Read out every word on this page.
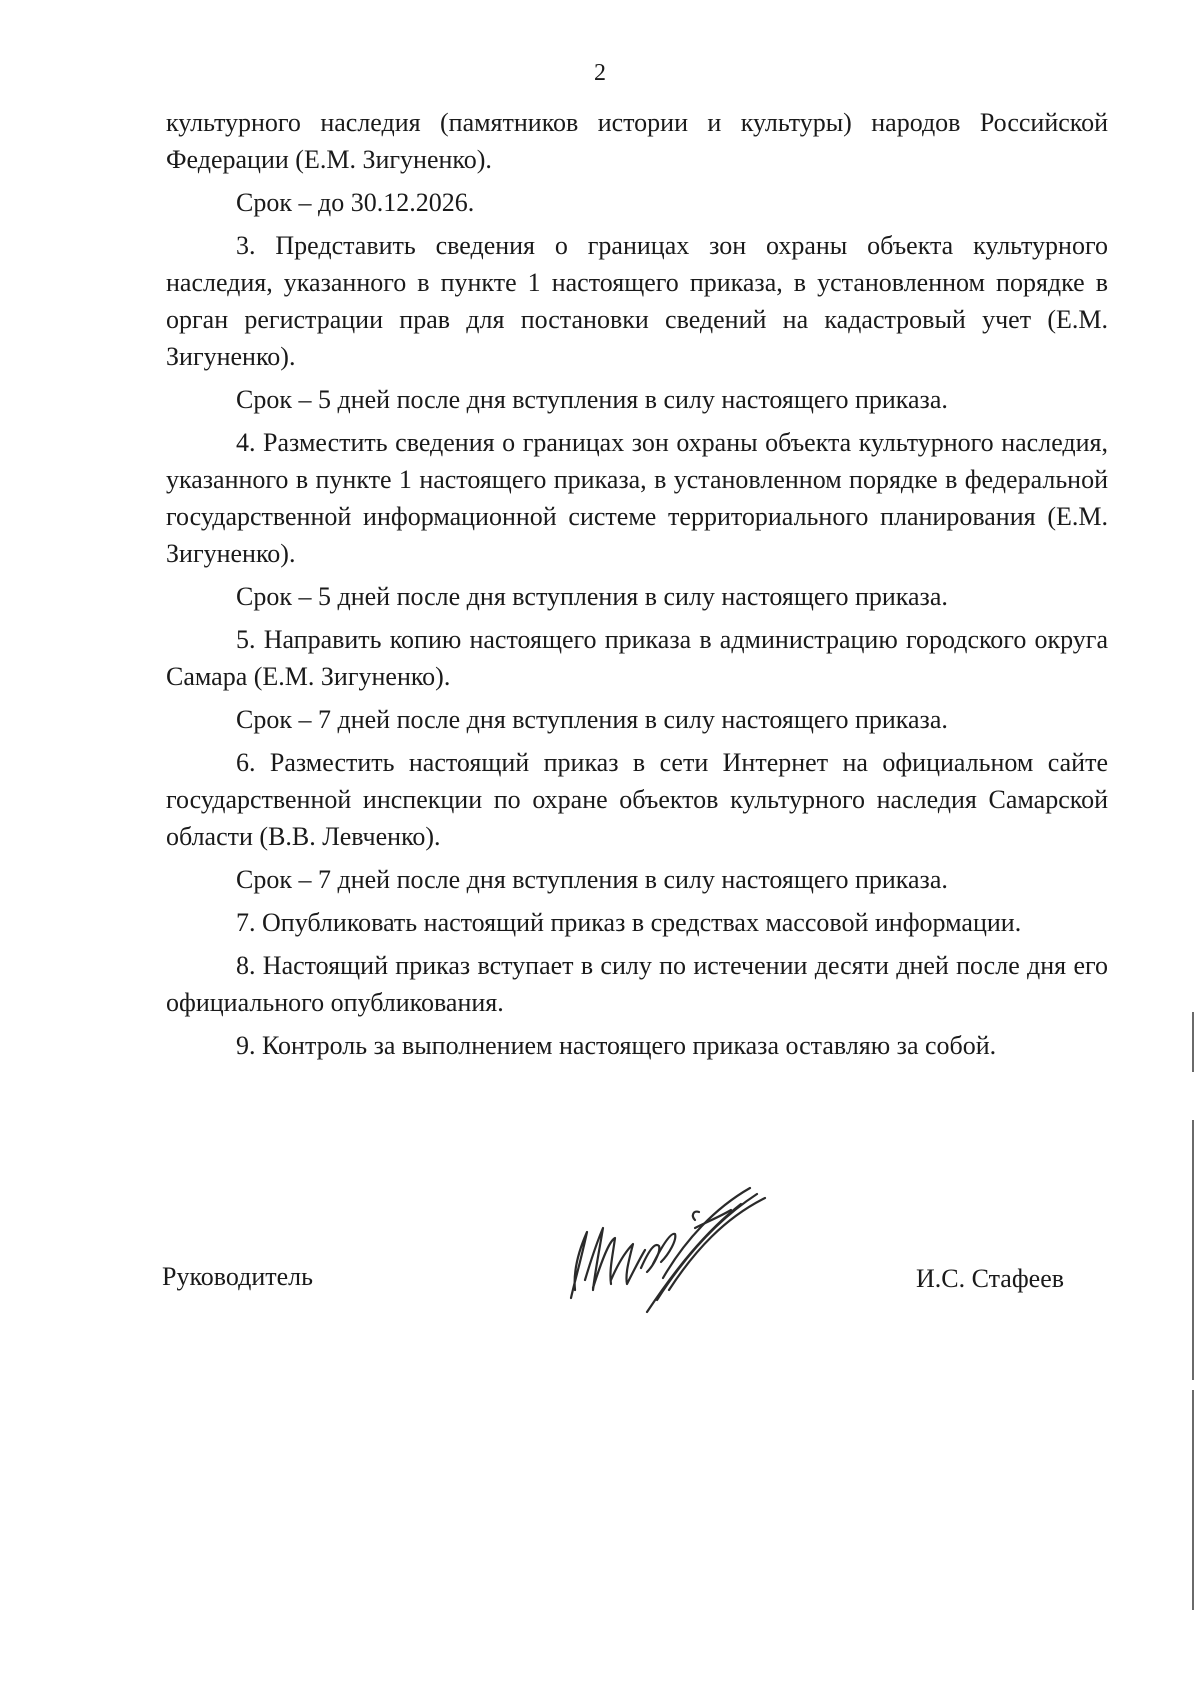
2

культурного наследия (памятников истории и культуры) народов Российской Федерации (Е.М. Зигуненко).

Срок – до 30.12.2026.

3. Представить сведения о границах зон охраны объекта культурного наследия, указанного в пункте 1 настоящего приказа, в установленном порядке в орган регистрации прав для постановки сведений на кадастровый учет (Е.М. Зигуненко).

Срок – 5 дней после дня вступления в силу настоящего приказа.

4. Разместить сведения о границах зон охраны объекта культурного наследия, указанного в пункте 1 настоящего приказа, в установленном порядке в федеральной государственной информационной системе территориального планирования (Е.М. Зигуненко).

Срок – 5 дней после дня вступления в силу настоящего приказа.

5. Направить копию настоящего приказа в администрацию городского округа Самара (Е.М. Зигуненко).

Срок – 7 дней после дня вступления в силу настоящего приказа.

6. Разместить настоящий приказ в сети Интернет на официальном сайте государственной инспекции по охране объектов культурного наследия Самарской области (В.В. Левченко).

Срок – 7 дней после дня вступления в силу настоящего приказа.

7. Опубликовать настоящий приказ в средствах массовой информации.

8. Настоящий приказ вступает в силу по истечении десяти дней после дня его официального опубликования.

9. Контроль за выполнением настоящего приказа оставляю за собой.

Руководитель	И.С. Стафеев
